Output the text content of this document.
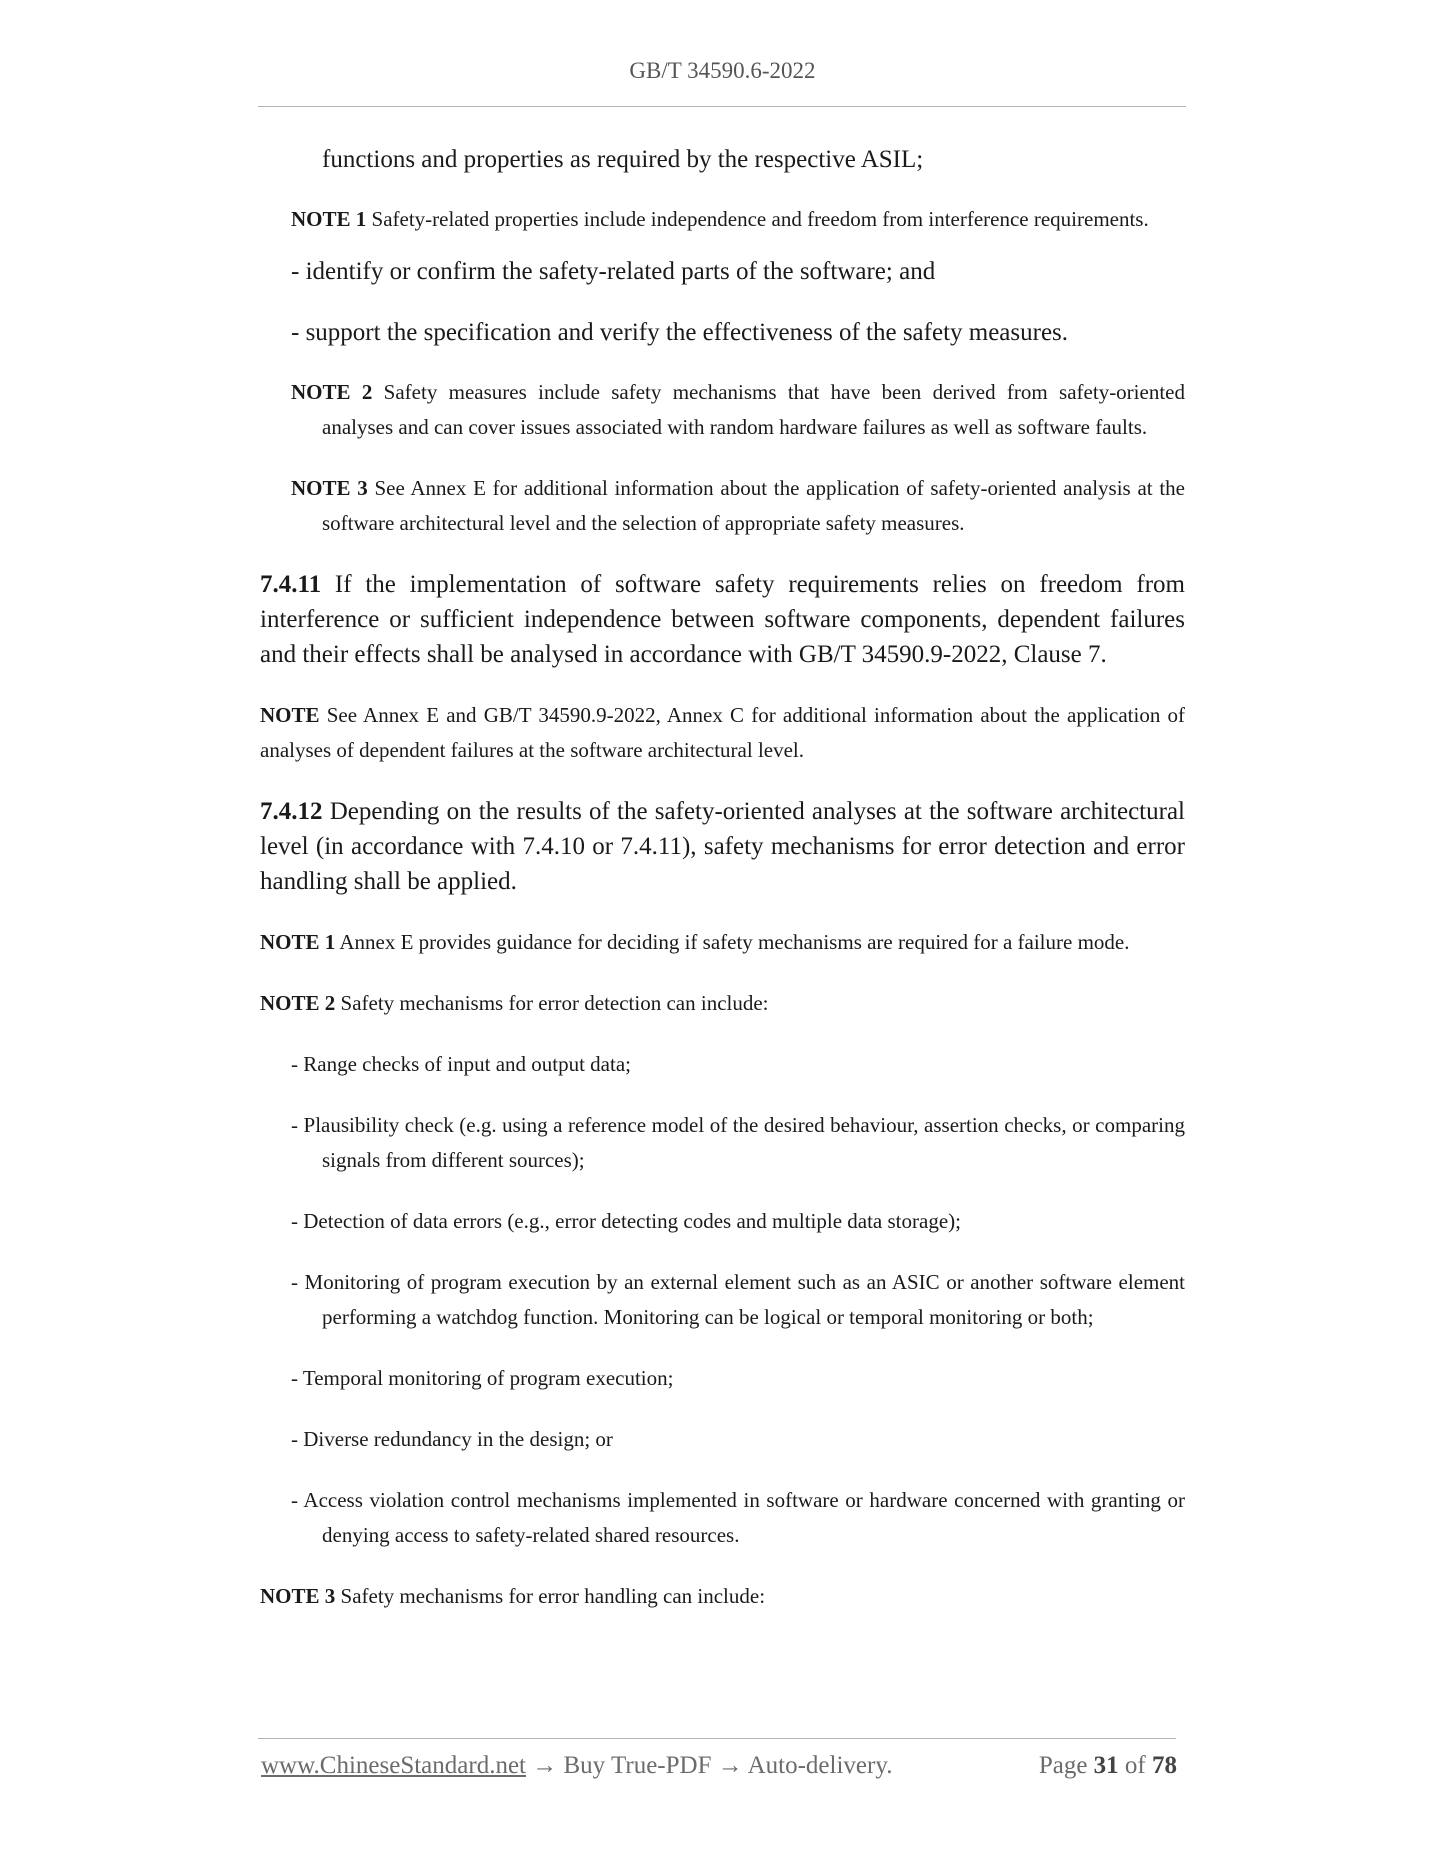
GB/T 34590.6-2022

functions and properties as required by the respective ASIL;

NOTE 1 Safety-related properties include independence and freedom from interference requirements.

- identify or confirm the safety-related parts of the software; and

- support the specification and verify the effectiveness of the safety measures.

NOTE 2 Safety measures include safety mechanisms that have been derived from safety-oriented analyses and can cover issues associated with random hardware failures as well as software faults.

NOTE 3 See Annex E for additional information about the application of safety-oriented analysis at the software architectural level and the selection of appropriate safety measures.

7.4.11 If the implementation of software safety requirements relies on freedom from interference or sufficient independence between software components, dependent failures and their effects shall be analysed in accordance with GB/T 34590.9-2022, Clause 7.

NOTE See Annex E and GB/T 34590.9-2022, Annex C for additional information about the application of analyses of dependent failures at the software architectural level.

7.4.12 Depending on the results of the safety-oriented analyses at the software architectural level (in accordance with 7.4.10 or 7.4.11), safety mechanisms for error detection and error handling shall be applied.

NOTE 1 Annex E provides guidance for deciding if safety mechanisms are required for a failure mode.

NOTE 2 Safety mechanisms for error detection can include:

- Range checks of input and output data;

- Plausibility check (e.g. using a reference model of the desired behaviour, assertion checks, or comparing signals from different sources);

- Detection of data errors (e.g., error detecting codes and multiple data storage);

- Monitoring of program execution by an external element such as an ASIC or another software element performing a watchdog function. Monitoring can be logical or temporal monitoring or both;

- Temporal monitoring of program execution;

- Diverse redundancy in the design; or

- Access violation control mechanisms implemented in software or hardware concerned with granting or denying access to safety-related shared resources.

NOTE 3 Safety mechanisms for error handling can include:

www.ChineseStandard.net → Buy True-PDF → Auto-delivery.	Page 31 of 78
